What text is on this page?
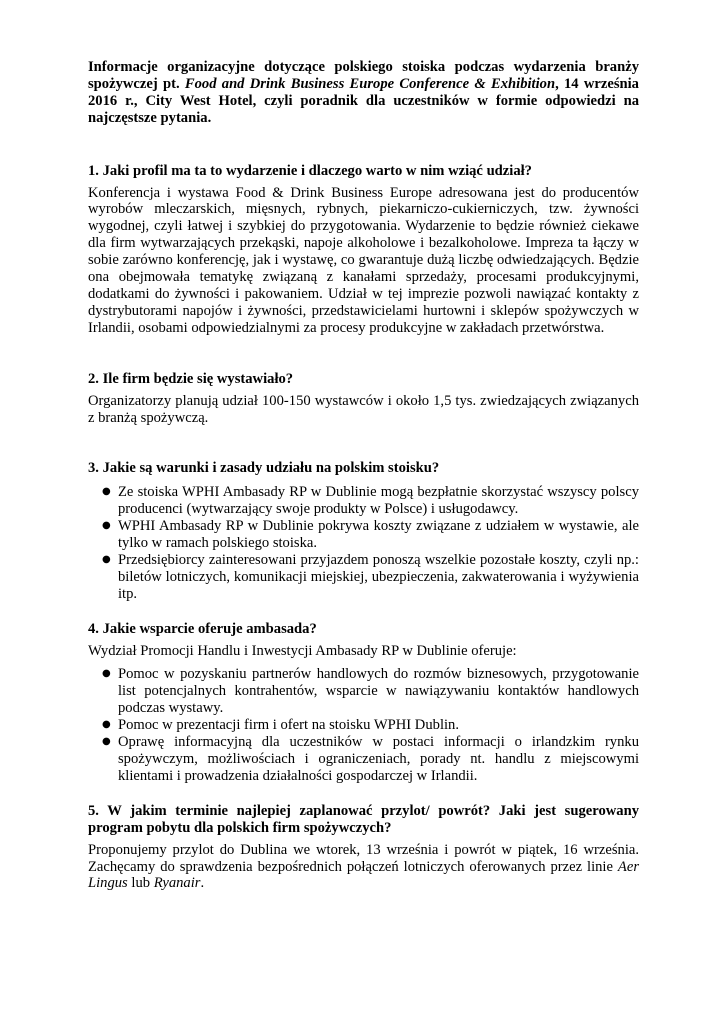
Informacje organizacyjne dotyczące polskiego stoiska podczas wydarzenia branży spożywczej pt. Food and Drink Business Europe Conference & Exhibition, 14 września 2016 r., City West Hotel, czyli poradnik dla uczestników w formie odpowiedzi na najczęstsze pytania.

1. Jaki profil ma ta to wydarzenie i dlaczego warto w nim wziąć udział?

Konferencja i wystawa Food & Drink Business Europe adresowana jest do producentów wyrobów mleczarskich, mięsnych, rybnych, piekarniczo-cukierniczych, tzw. żywności wygodnej, czyli łatwej i szybkiej do przygotowania. Wydarzenie to będzie również ciekawe dla firm wytwarzających przekąski, napoje alkoholowe i bezalkoholowe. Impreza ta łączy w sobie zarówno konferencję, jak i wystawę, co gwarantuje dużą liczbę odwiedzających. Będzie ona obejmowała tematykę związaną z kanałami sprzedaży, procesami produkcyjnymi, dodatkami do żywności i pakowaniem. Udział w tej imprezie pozwoli nawiązać kontakty z dystrybutorami napojów i żywności, przedstawicielami hurtowni i sklepów spożywczych w Irlandii, osobami odpowiedzialnymi za procesy produkcyjne w zakładach przetwórstwa.

2. Ile firm będzie się wystawiało?

Organizatorzy planują udział 100-150 wystawców i około 1,5 tys. zwiedzających związanych z branżą spożywczą.

3. Jakie są warunki i zasady udziału na polskim stoisku?

● Ze stoiska WPHI Ambasady RP w Dublinie mogą bezpłatnie skorzystać wszyscy polscy producenci (wytwarzający swoje produkty w Polsce) i usługodawcy.
● WPHI Ambasady RP w Dublinie pokrywa koszty związane z udziałem w wystawie, ale tylko w ramach polskiego stoiska.
● Przedsiębiorcy zainteresowani przyjazdem ponoszą wszelkie pozostałe koszty, czyli np.: biletów lotniczych, komunikacji miejskiej, ubezpieczenia, zakwaterowania i wyżywienia itp.

4. Jakie wsparcie oferuje ambasada?

Wydział Promocji Handlu i Inwestycji Ambasady RP w Dublinie oferuje:

● Pomoc w pozyskaniu partnerów handlowych do rozmów biznesowych, przygotowanie list potencjalnych kontrahentów, wsparcie w nawiązywaniu kontaktów handlowych podczas wystawy.
● Pomoc w prezentacji firm i ofert na stoisku WPHI Dublin.
● Oprawę informacyjną dla uczestników w postaci informacji o irlandzkim rynku spożywczym, możliwościach i ograniczeniach, porady nt. handlu z miejscowymi klientami i prowadzenia działalności gospodarczej w Irlandii.

5. W jakim terminie najlepiej zaplanować przylot/ powrót? Jaki jest sugerowany program pobytu dla polskich firm spożywczych?

Proponujemy przylot do Dublina we wtorek, 13 września i powrót w piątek, 16 września. Zachęcamy do sprawdzenia bezpośrednich połączeń lotniczych oferowanych przez linie Aer Lingus lub Ryanair.
